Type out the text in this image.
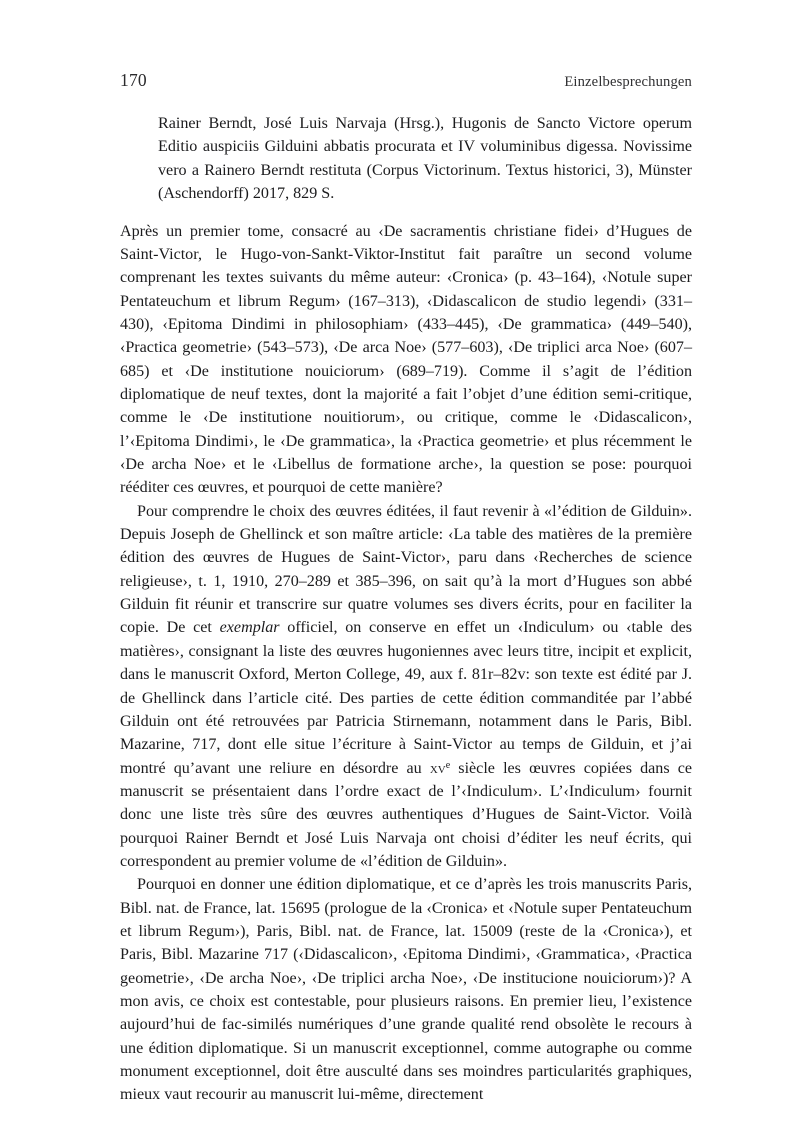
170	Einzelbesprechungen
Rainer Berndt, José Luis Narvaja (Hrsg.), Hugonis de Sancto Victore operum Editio auspiciis Gilduini abbatis procurata et IV voluminibus digessa. Novissime vero a Rainero Berndt restituta (Corpus Victorinum. Textus historici, 3), Münster (Aschendorff) 2017, 829 S.

Après un premier tome, consacré au ‹De sacramentis christiane fidei› d’Hugues de Saint-Victor, le Hugo-von-Sankt-Viktor-Institut fait paraître un second volume comprenant les textes suivants du même auteur: ‹Cronica› (p. 43–164), ‹Notule super Pentateuchum et librum Regum› (167–313), ‹Didascalicon de studio legendi› (331–430), ‹Epitoma Dindimi in philosophiam› (433–445), ‹De grammatica› (449–540), ‹Practica geometrie› (543–573), ‹De arca Noe› (577–603), ‹De triplici arca Noe› (607–685) et ‹De institutione nouiciorum› (689–719). Comme il s’agit de l’édition diplomatique de neuf textes, dont la majorité a fait l’objet d’une édition semi-critique, comme le ‹De institutione nouitiorum›, ou critique, comme le ‹Didascalicon›, l’‹Epitoma Dindimi›, le ‹De grammatica›, la ‹Practica geometrie› et plus récemment le ‹De archa Noe› et le ‹Libellus de formatione arche›, la question se pose: pourquoi rééditer ces œuvres, et pourquoi de cette manière?

Pour comprendre le choix des œuvres éditées, il faut revenir à «l’édition de Gilduin». Depuis Joseph de Ghellinck et son maître article: ‹La table des matières de la première édition des œuvres de Hugues de Saint-Victor›, paru dans ‹Recherches de science religieuse›, t. 1, 1910, 270–289 et 385–396, on sait qu’à la mort d’Hugues son abbé Gilduin fit réunir et transcrire sur quatre volumes ses divers écrits, pour en faciliter la copie. De cet exemplar officiel, on conserve en effet un ‹Indiculum› ou ‹table des matières›, consignant la liste des œuvres hugoniennes avec leurs titre, incipit et explicit, dans le manuscrit Oxford, Merton College, 49, aux f. 81r–82v: son texte est édité par J. de Ghellinck dans l’article cité. Des parties de cette édition commanditée par l’abbé Gilduin ont été retrouvées par Patricia Stirnemann, notamment dans le Paris, Bibl. Mazarine, 717, dont elle situe l’écriture à Saint-Victor au temps de Gilduin, et j’ai montré qu’avant une reliure en désordre au $xv^e$ siècle les œuvres copiées dans ce manuscrit se présentaient dans l’ordre exact de l’‹Indiculum›. L’‹Indiculum› fournit donc une liste très sûre des œuvres authentiques d’Hugues de Saint-Victor. Voilà pourquoi Rainer Berndt et José Luis Narvaja ont choisi d’éditer les neuf écrits, qui correspondent au premier volume de «l’édition de Gilduin».

Pourquoi en donner une édition diplomatique, et ce d’après les trois manuscrits Paris, Bibl. nat. de France, lat. 15695 (prologue de la ‹Cronica› et ‹Notule super Pentateuchum et librum Regum›), Paris, Bibl. nat. de France, lat. 15009 (reste de la ‹Cronica›), et Paris, Bibl. Mazarine 717 (‹Didascalicon›, ‹Epitoma Dindimi›, ‹Grammatica›, ‹Practica geometrie›, ‹De archa Noe›, ‹De triplici archa Noe›, ‹De institucione nouiciorum›)? A mon avis, ce choix est contestable, pour plusieurs raisons. En premier lieu, l’existence aujourd’hui de fac-similés numériques d’une grande qualité rend obsolète le recours à une édition diplomatique. Si un manuscrit exceptionnel, comme autographe ou comme monument exceptionnel, doit être ausculté dans ses moindres particularités graphiques, mieux vaut recourir au manuscrit lui-même, directement
